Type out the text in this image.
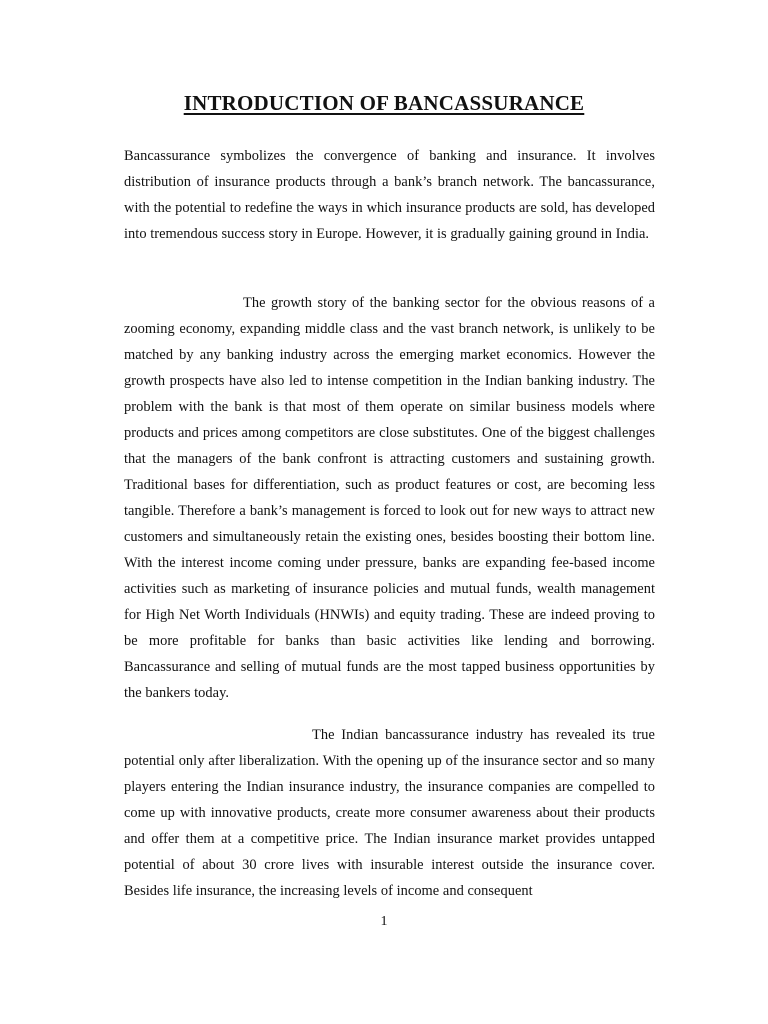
INTRODUCTION OF BANCASSURANCE

Bancassurance symbolizes the convergence of banking and insurance. It involves distribution of insurance products through a bank’s branch network. The bancassurance, with the potential to redefine the ways in which insurance products are sold, has developed into tremendous success story in Europe. However, it is gradually gaining ground in India.

The growth story of the banking sector for the obvious reasons of a zooming economy, expanding middle class and the vast branch network, is unlikely to be matched by any banking industry across the emerging market economics. However the growth prospects have also led to intense competition in the Indian banking industry. The problem with the bank is that most of them operate on similar business models where products and prices among competitors are close substitutes. One of the biggest challenges that the managers of the bank confront is attracting customers and sustaining growth. Traditional bases for differentiation, such as product features or cost, are becoming less tangible. Therefore a bank’s management is forced to look out for new ways to attract new customers and simultaneously retain the existing ones, besides boosting their bottom line. With the interest income coming under pressure, banks are expanding fee-based income activities such as marketing of insurance policies and mutual funds, wealth management for High Net Worth Individuals (HNWIs) and equity trading. These are indeed proving to be more profitable for banks than basic activities like lending and borrowing. Bancassurance and selling of mutual funds are the most tapped business opportunities by the bankers today.

The Indian bancassurance industry has revealed its true potential only after liberalization. With the opening up of the insurance sector and so many players entering the Indian insurance industry, the insurance companies are compelled to come up with innovative products, create more consumer awareness about their products and offer them at a competitive price. The Indian insurance market provides untapped potential of about 30 crore lives with insurable interest outside the insurance cover. Besides life insurance, the increasing levels of income and consequent

1
